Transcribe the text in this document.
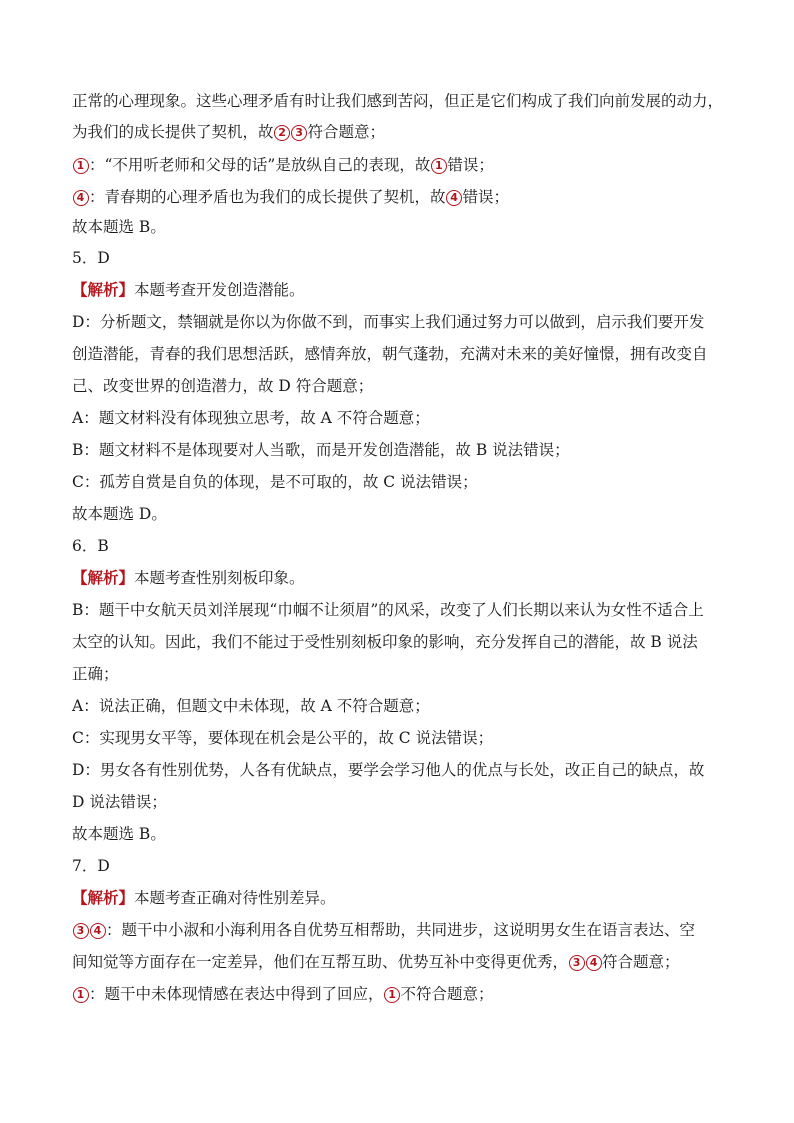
正常的心理现象。这些心理矛盾有时让我们感到苦闷，但正是它们构成了我们向前发展的动力，
为我们的成长提供了契机，故 2 3 符合题意；
1 ：“不用听老师和父母的话”是放纵自己的表现，故 1 错误；
4 ：青春期的心理矛盾也为我们的成长提供了契机，故 4 错误；
故本题选 B。
5．D
【解析】本题考查开发创造潜能。
D：分析题文，禁锢就是你以为你做不到，而事实上我们通过努力可以做到，启示我们要开发
创造潜能，青春的我们思想活跃，感情奔放，朝气蓬勃，充满对未来的美好憧憬，拥有改变自
己、改变世界的创造潜力，故 D 符合题意；
A：题文材料没有体现独立思考，故 A 不符合题意；
B：题文材料不是体现要对人当歌，而是开发创造潜能，故 B 说法错误；
C：孤芳自赏是自负的体现，是不可取的，故 C 说法错误；
故本题选 D。
6．B
【解析】本题考查性别刻板印象。
B：题干中女航天员刘洋展现“巾帼不让须眉”的风采，改变了人们长期以来认为女性不适合上
太空的认知。因此，我们不能过于受性别刻板印象的影响，充分发挥自己的潜能，故 B 说法
正确；
A：说法正确，但题文中未体现，故 A 不符合题意；
C：实现男女平等，要体现在机会是公平的，故 C 说法错误；
D：男女各有性别优势，人各有优缺点，要学会学习他人的优点与长处，改正自己的缺点，故
D 说法错误；
故本题选 B。
7．D
【解析】本题考查正确对待性别差异。
3 4 ：题干中小淑和小海利用各自优势互相帮助，共同进步，这说明男女生在语言表达、空
间知觉等方面存在一定差异，他们在互帮互助、优势互补中变得更优秀， 3 4 符合题意；
1 ：题干中未体现情感在表达中得到了回应， 1 不符合题意；
